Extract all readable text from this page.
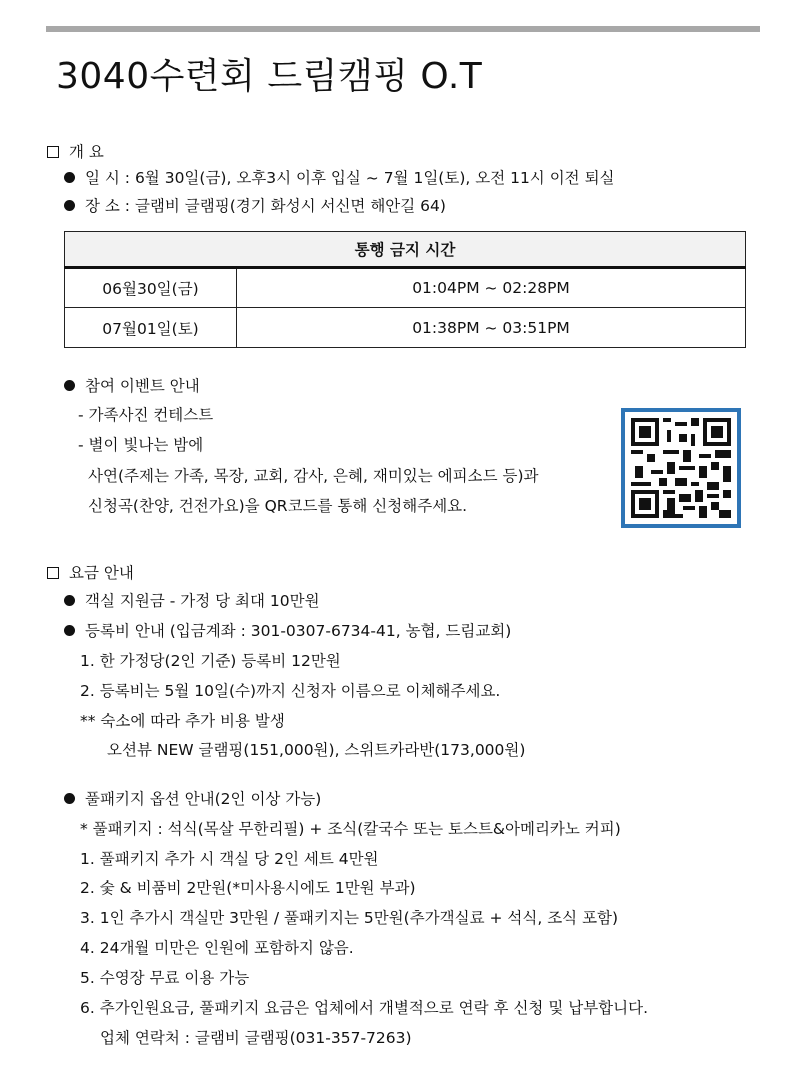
3040수련회 드림캠핑 O.T
개 요
일 시 : 6월 30일(금), 오후3시 이후 입실 ~ 7월 1일(토), 오전 11시 이전 퇴실
장 소 : 글램비 글램핑(경기 화성시 서신면 해안길 64)
통행 금지 시간	
06월30일(금)	01:04PM ~ 02:28PM
07월01일(토)	01:38PM ~ 03:51PM
참여 이벤트 안내
- 가족사진 컨테스트
- 별이 빛나는 밤에
사연(주제는 가족, 목장, 교회, 감사, 은혜, 재미있는 에피소드 등)과
신청곡(찬양, 건전가요)을 QR코드를 통해 신청해주세요.
요금 안내
객실 지원금 - 가정 당 최대 10만원
등록비 안내 (입금계좌 : 301-0307-6734-41, 농협, 드림교회)
1. 한 가정당(2인 기준) 등록비 12만원
2. 등록비는 5월 10일(수)까지 신청자 이름으로 이체해주세요.
** 숙소에 따라 추가 비용 발생
오션뷰 NEW 글램핑(151,000원), 스위트카라반(173,000원)
풀패키지 옵션 안내(2인 이상 가능)
* 풀패키지 : 석식(목살 무한리필) + 조식(칼국수 또는 토스트&아메리카노 커피)
1. 풀패키지 추가 시 객실 당 2인 세트 4만원
2. 숯 & 비품비 2만원(*미사용시에도 1만원 부과)
3. 1인 추가시 객실만 3만원 / 풀패키지는 5만원(추가객실료 + 석식, 조식 포함)
4. 24개월 미만은 인원에 포함하지 않음.
5. 수영장 무료 이용 가능
6. 추가인원요금, 풀패키지 요금은 업체에서 개별적으로 연락 후 신청 및 납부합니다.
업체 연락처 : 글램비 글램핑(031-357-7263)
